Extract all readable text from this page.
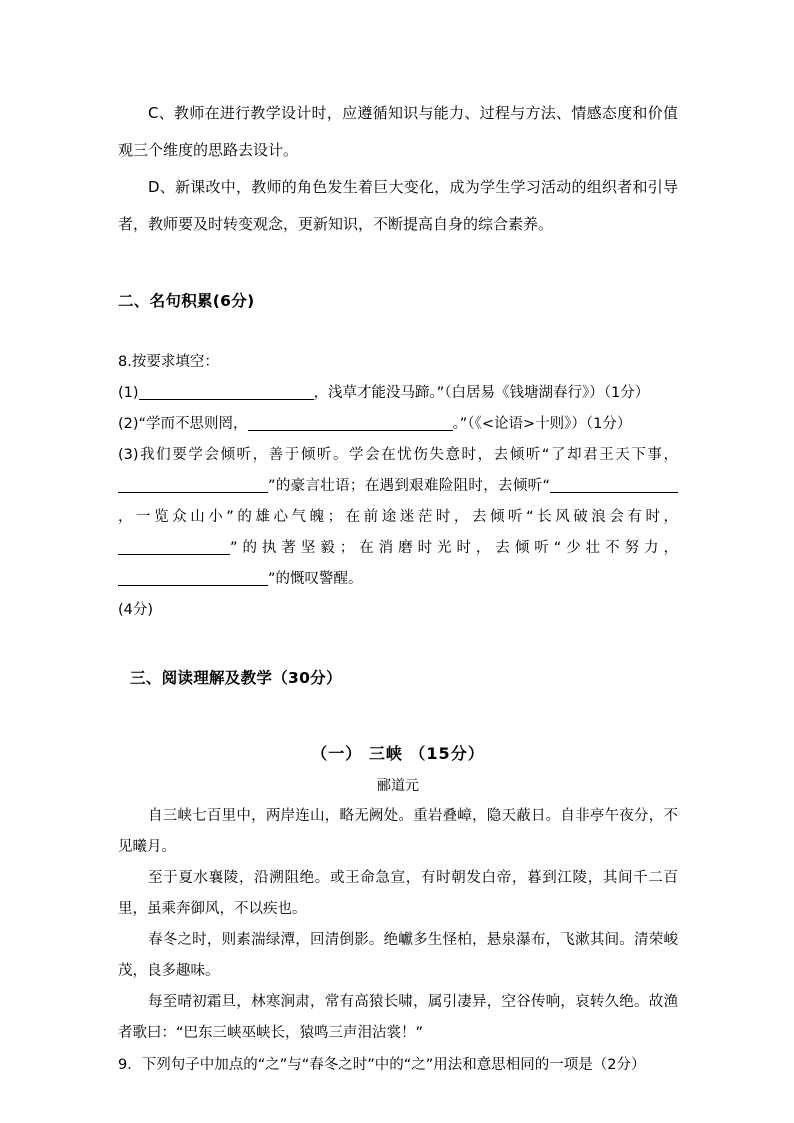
C、教师在进行教学设计时，应遵循知识与能力、过程与方法、情感态度和价值观三个维度的思路去设计。

D、新课改中，教师的角色发生着巨大变化，成为学生学习活动的组织者和引导者，教师要及时转变观念，更新知识，不断提高自身的综合素养。

二、名句积累(6分)

8.按要求填空：

(1)	，浅草才能没马蹄。”（白居易《钱塘湖春行》）（1分）

(2)“学而不思则罔，	。”（《<论语>十则》）（1分）

(3)我们要学会倾听，善于倾听。学会在忧伤失意时，去倾听“了却君王天下事，”的豪言壮语；在遇到艰难险阻时，去倾听“，一览众山小”的雄心气魄；在前途迷茫时，去倾听“长风破浪会有时，”的执著坚毅；在消磨时光时，去倾听“少壮不努力，”的慨叹警醒。

(4分)

三、阅读理解及教学（30分）

（一） 三峡 （15分）

郦道元

自三峡七百里中，两岸连山，略无阙处。重岩叠嶂，隐天蔽日。自非亭午夜分，不见曦月。

至于夏水襄陵，沿溯阻绝。或王命急宣，有时朝发白帝，暮到江陵，其间千二百里，虽乘奔御风，不以疾也。

春冬之时，则素湍绿潭，回清倒影。绝巘多生怪柏，悬泉瀑布，飞漱其间。清荣峻茂，良多趣味。

每至晴初霜旦，林寒涧肃，常有高猿长啸，属引凄异，空谷传响，哀转久绝。故渔者歌曰：“巴东三峡巫峡长，猿鸣三声泪沾裳！”

9．下列句子中加点的“之”与“春冬之时”中的“之”用法和意思相同的一项是（2分）
